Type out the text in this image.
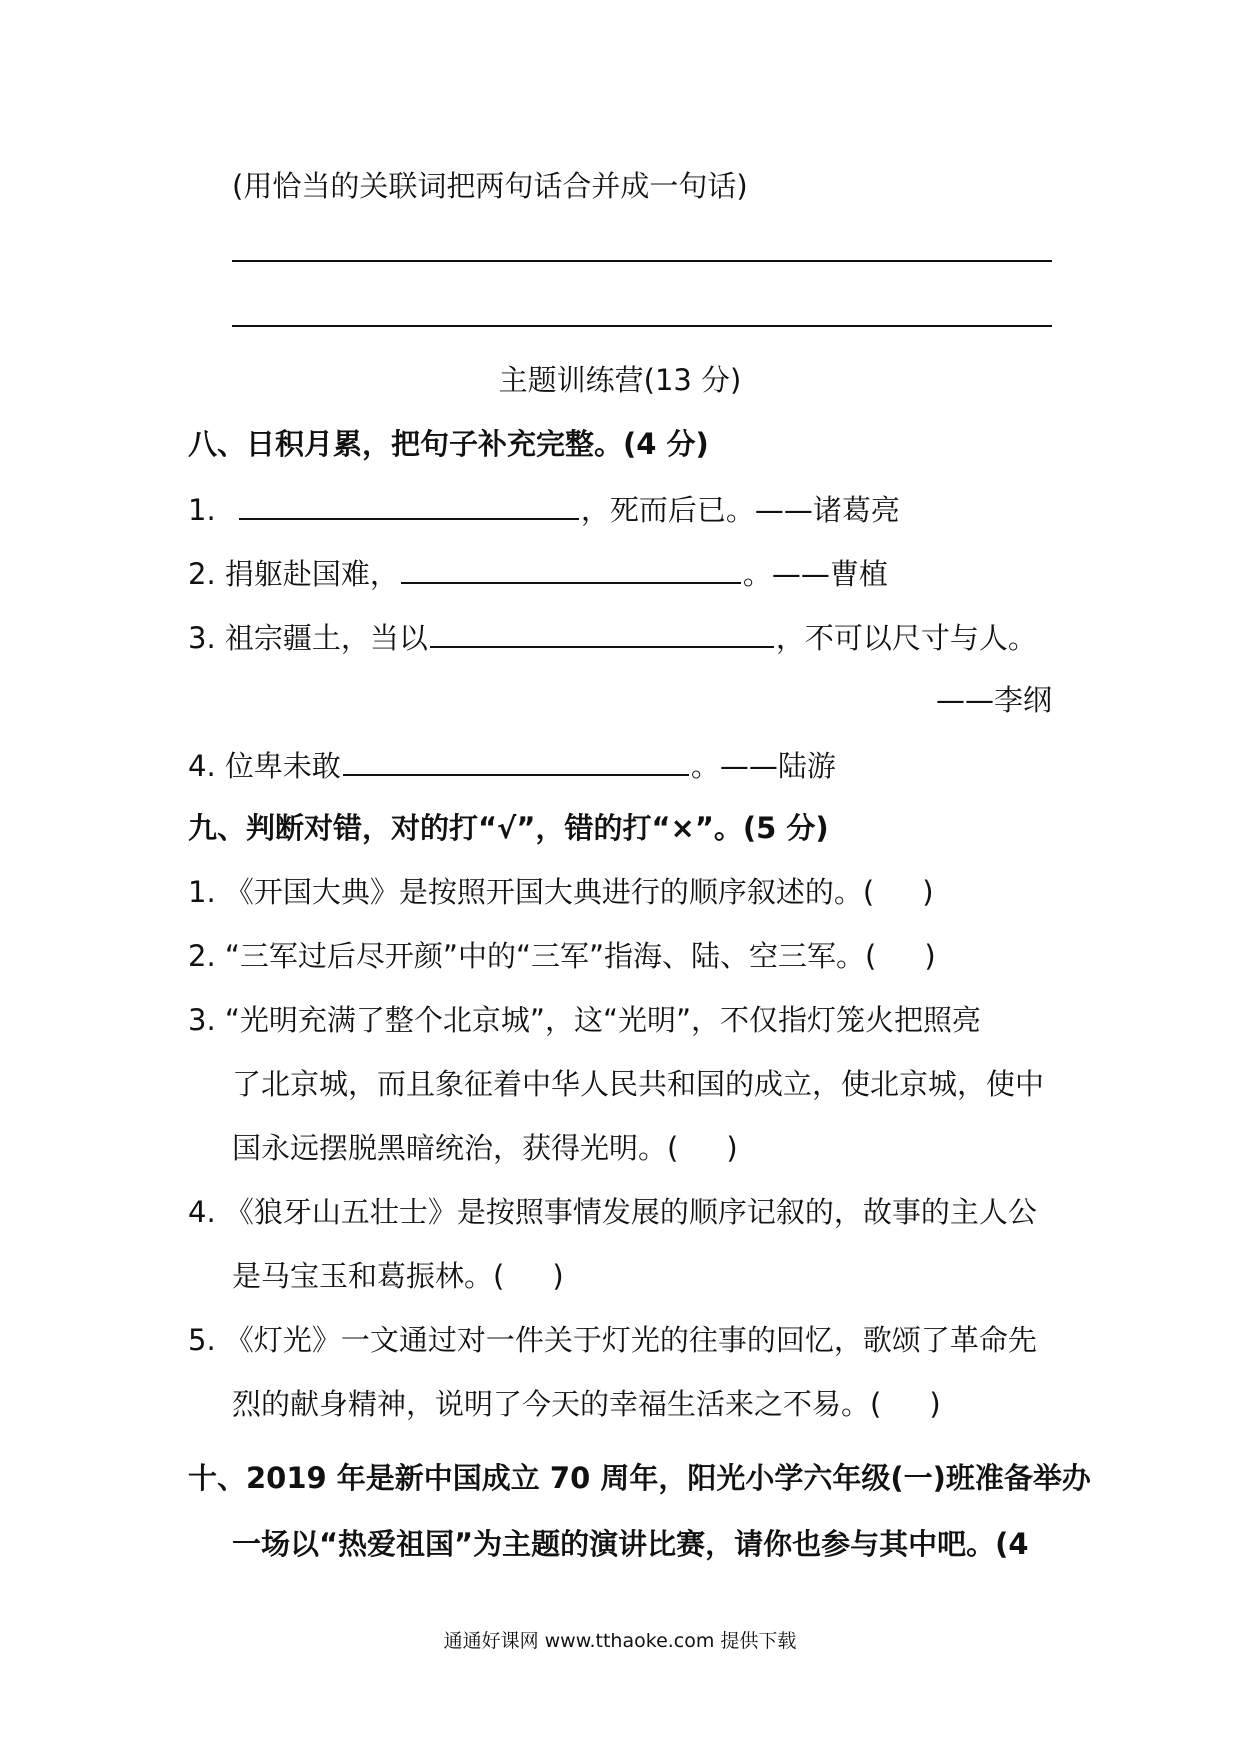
(用恰当的关联词把两句话合并成一句话)
主题训练营(13 分)
八、日积月累，把句子补充完整。(4 分)
1.	，死而后已。——诸葛亮
2. 捐躯赴国难，	。——曹植
3. 祖宗疆土，当以	，不可以尺寸与人。
——李纲
4. 位卑未敢	。——陆游
九、判断对错，对的打“√”，错的打“×”。(5 分)
1. 《开国大典》是按照开国大典进行的顺序叙述的。( )
2. “三军过后尽开颜”中的“三军”指海、陆、空三军。( )
3. “光明充满了整个北京城”，这“光明”，不仅指灯笼火把照亮
了北京城，而且象征着中华人民共和国的成立，使北京城，使中
国永远摆脱黑暗统治，获得光明。( )
4. 《狼牙山五壮士》是按照事情发展的顺序记叙的，故事的主人公
是马宝玉和葛振林。( )
5. 《灯光》一文通过对一件关于灯光的往事的回忆，歌颂了革命先
烈的献身精神，说明了今天的幸福生活来之不易。( )
十、2019 年是新中国成立 70 周年，阳光小学六年级(一)班准备举办
一场以“热爱祖国”为主题的演讲比赛，请你也参与其中吧。(4
通通好课网 www.tthaoke.com 提供下载
